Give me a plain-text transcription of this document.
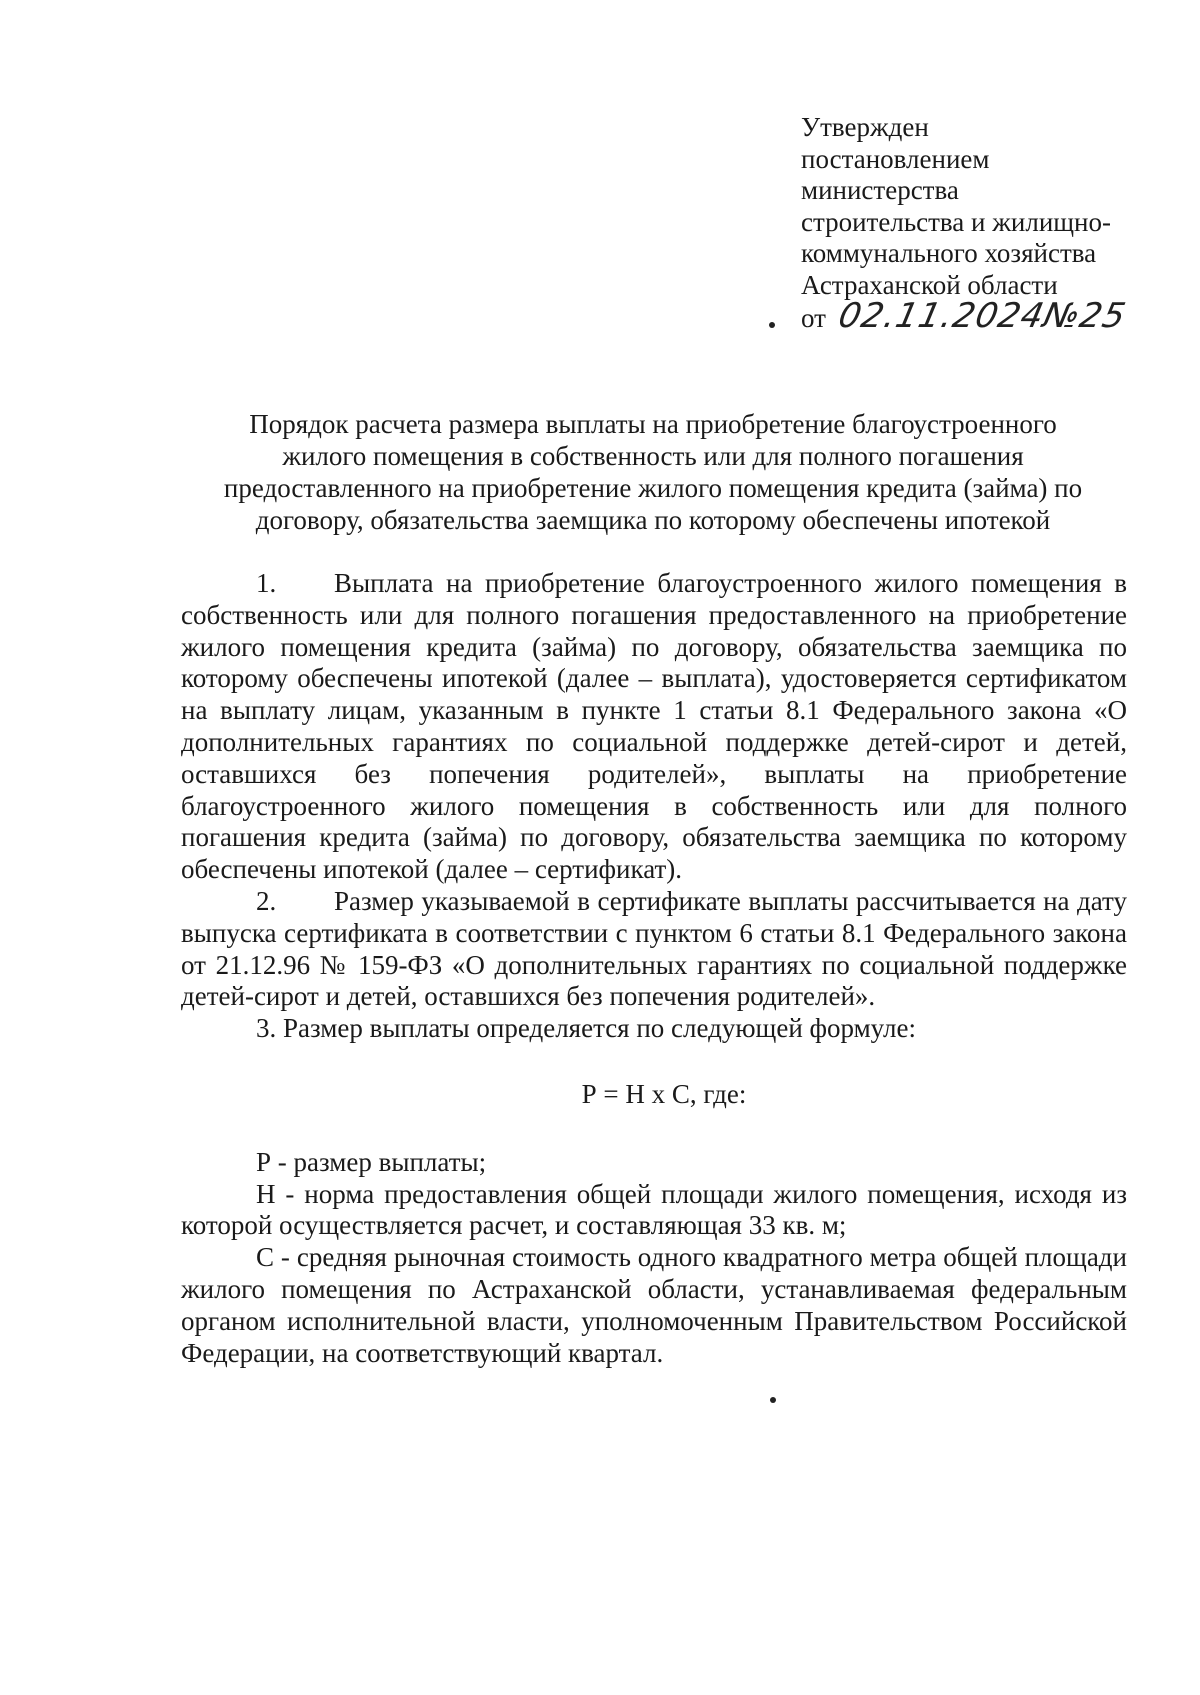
Утвержден
постановлением
министерства
строительства и жилищно-
коммунального хозяйства
Астраханской области
от 02.11.2024№25
Порядок расчета размера выплаты на приобретение благоустроенного
жилого помещения в собственность или для полного погашения
предоставленного на приобретение жилого помещения кредита (займа) по
договору, обязательства заемщика по которому обеспечены ипотекой

1. Выплата на приобретение благоустроенного жилого помещения в собственность или для полного погашения предоставленного на приобретение жилого помещения кредита (займа) по договору, обязательства заемщика по которому обеспечены ипотекой (далее – выплата), удостоверяется сертификатом на выплату лицам, указанным в пункте 1 статьи 8.1 Федерального закона «О дополнительных гарантиях по социальной поддержке детей-сирот и детей, оставшихся без попечения родителей», выплаты на приобретение благоустроенного жилого помещения в собственность или для полного погашения кредита (займа) по договору, обязательства заемщика по которому обеспечены ипотекой (далее – сертификат).

2. Размер указываемой в сертификате выплаты рассчитывается на дату выпуска сертификата в соответствии с пунктом 6 статьи 8.1 Федерального закона от 21.12.96 № 159-ФЗ «О дополнительных гарантиях по социальной поддержке детей-сирот и детей, оставшихся без попечения родителей».

3. Размер выплаты определяется по следующей формуле:

Р = Н х С, где:

Р - размер выплаты;

Н - норма предоставления общей площади жилого помещения, исходя из которой осуществляется расчет, и составляющая 33 кв. м;

С - средняя рыночная стоимость одного квадратного метра общей площади жилого помещения по Астраханской области, устанавливаемая федеральным органом исполнительной власти, уполномоченным Правительством Российской Федерации, на соответствующий квартал.
